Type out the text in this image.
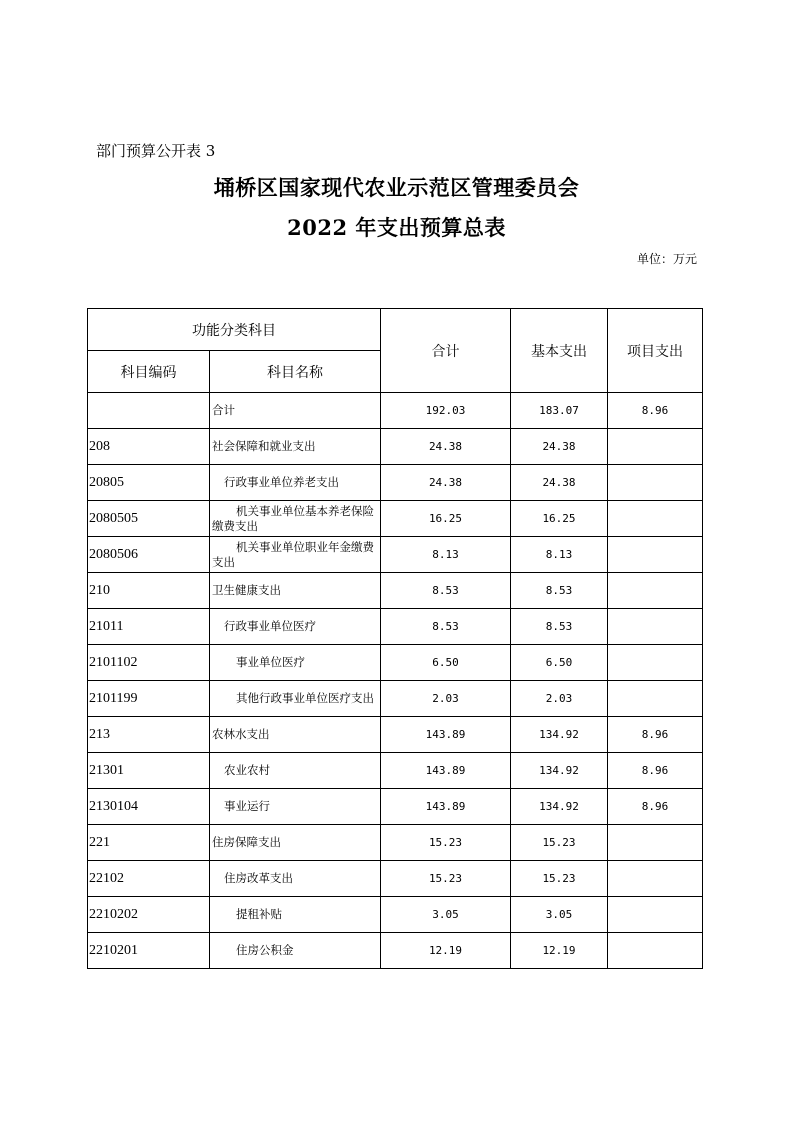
部门预算公开表 3
埇桥区国家现代农业示范区管理委员会
2022 年支出预算总表
单位：万元
功能分类科目		合计	基本支出	项目支出
科目编码	科目名称			
	合计	192.03	183.07	8.96
208	社会保障和就业支出	24.38	24.38	
20805	行政事业单位养老支出	24.38	24.38	
2080505	机关事业单位基本养老保险缴费支出	16.25	16.25	
2080506	机关事业单位职业年金缴费支出	8.13	8.13	
210	卫生健康支出	8.53	8.53	
21011	行政事业单位医疗	8.53	8.53	
2101102	事业单位医疗	6.50	6.50	
2101199	其他行政事业单位医疗支出	2.03	2.03	
213	农林水支出	143.89	134.92	8.96
21301	农业农村	143.89	134.92	8.96
2130104	事业运行	143.89	134.92	8.96
221	住房保障支出	15.23	15.23	
22102	住房改革支出	15.23	15.23	
2210202	提租补贴	3.05	3.05	
2210201	住房公积金	12.19	12.19	
